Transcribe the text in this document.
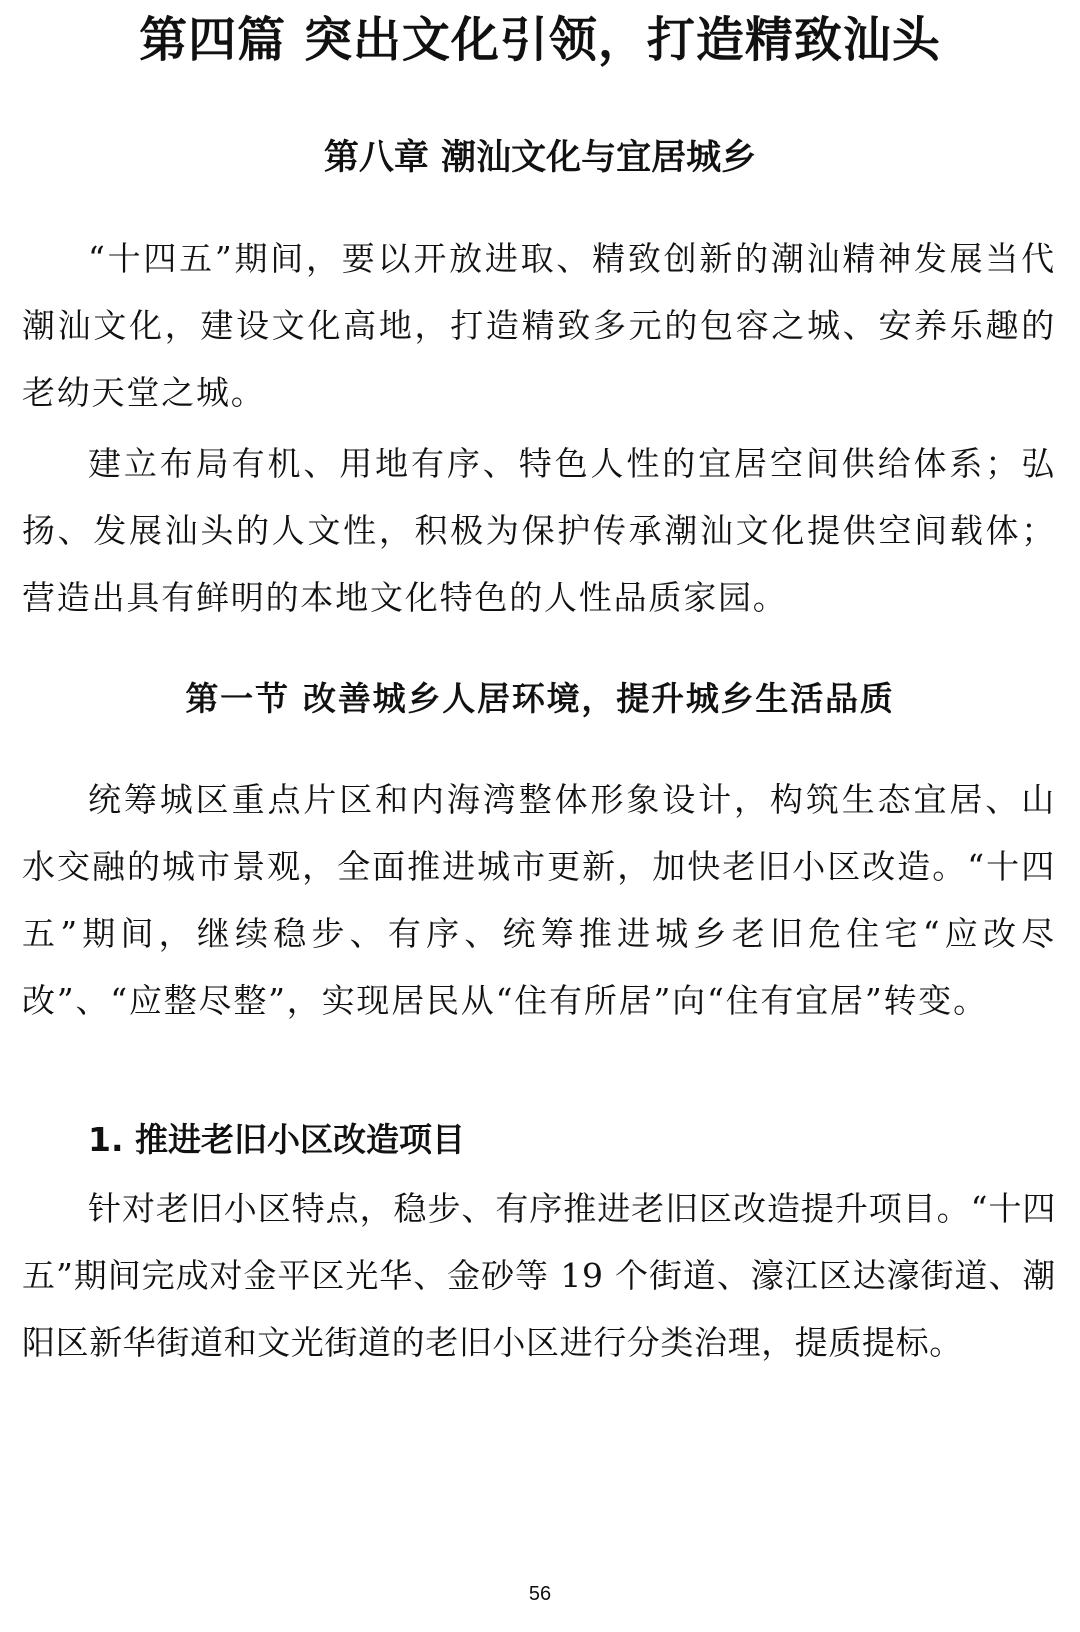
第四篇 突出文化引领，打造精致汕头
第八章 潮汕文化与宜居城乡

“十四五”期间，要以开放进取、精致创新的潮汕精神发展当代潮汕文化，建设文化高地，打造精致多元的包容之城、安养乐趣的老幼天堂之城。

建立布局有机、用地有序、特色人性的宜居空间供给体系；弘扬、发展汕头的人文性，积极为保护传承潮汕文化提供空间载体；营造出具有鲜明的本地文化特色的人性品质家园。

第一节 改善城乡人居环境，提升城乡生活品质

统筹城区重点片区和内海湾整体形象设计，构筑生态宜居、山水交融的城市景观，全面推进城市更新，加快老旧小区改造。“十四五”期间，继续稳步、有序、统筹推进城乡老旧危住宅“应改尽改”、“应整尽整”，实现居民从“住有所居”向“住有宜居”转变。

1. 推进老旧小区改造项目

针对老旧小区特点，稳步、有序推进老旧区改造提升项目。“十四五”期间完成对金平区光华、金砂等 19 个街道、濠江区达濠街道、潮阳区新华街道和文光街道的老旧小区进行分类治理，提质提标。

56
